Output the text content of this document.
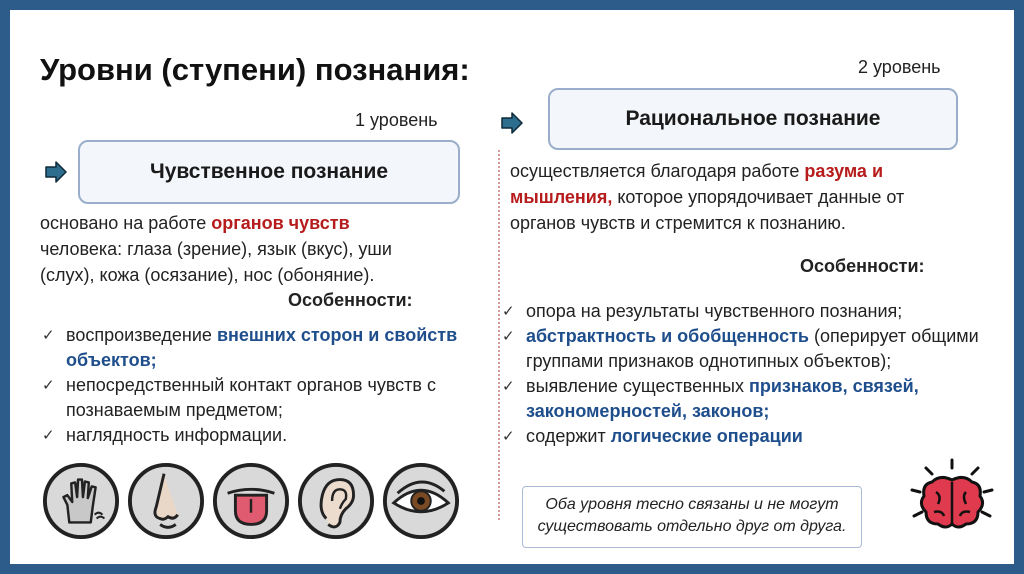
Уровни (ступени) познания:	2 уровень
1 уровень	Рациональное познание
Чувственное познание
основано на работе органов чувств человека: глаза (зрение), язык (вкус), уши (слух), кожа (осязание), нос (обоняние).
Особенности:
✓ воспроизведение внешних сторон и свойств объектов;
✓ непосредственный контакт органов чувств с познаваемым предметом;
✓ наглядность информации.
осуществляется благодаря работе разума и мышления, которое упорядочивает данные от органов чувств и стремится к познанию.
Особенности:
✓ опора на результаты чувственного познания;
✓ абстрактность и обобщенность (оперирует общими группами признаков однотипных объектов);
✓ выявление существенных признаков, связей, закономерностей, законов;
✓ содержит логические операции
Оба уровня тесно связаны и не могут существовать отдельно друг от друга.
